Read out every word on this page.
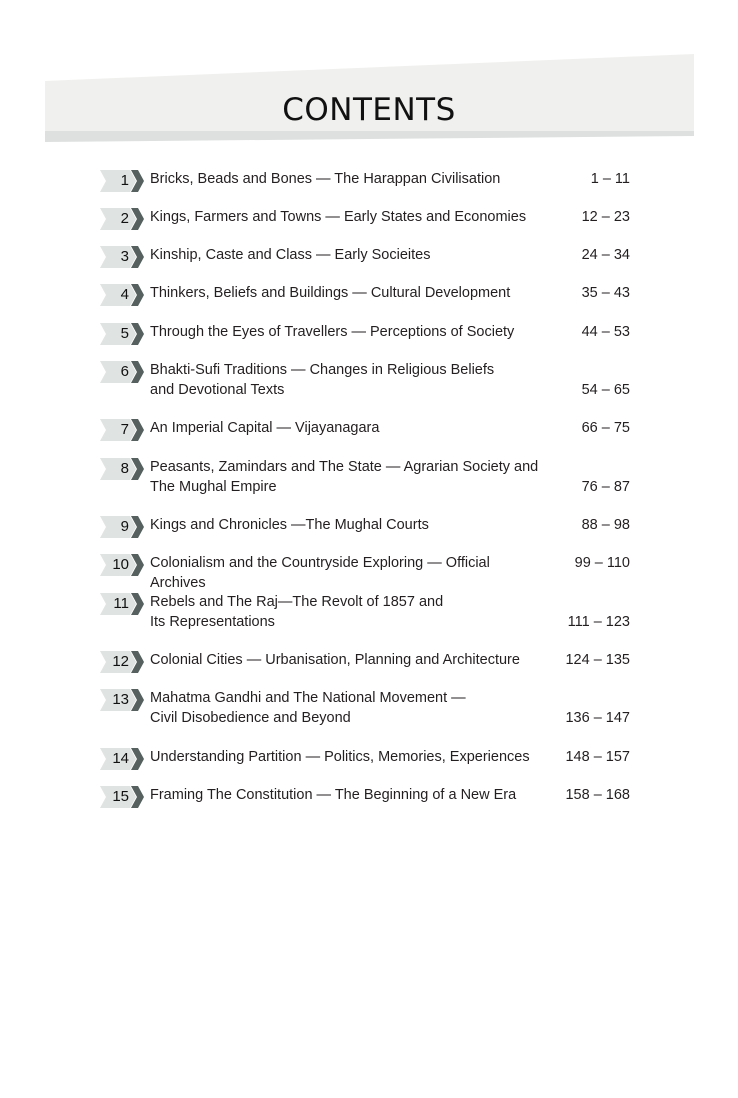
CONTENTS
1 Bricks, Beads and Bones — The Harappan Civilisation	1 – 11
2 Kings, Farmers and Towns — Early States and Economies	12 – 23
3 Kinship, Caste and Class — Early Socieites	24 – 34
4 Thinkers, Beliefs and Buildings — Cultural Development	35 – 43
5 Through the Eyes of Travellers — Perceptions of Society	44 – 53
6 Bhakti-Sufi Traditions — Changes in Religious Beliefs
and Devotional Texts	54 – 65
7 An Imperial Capital — Vijayanagara	66 – 75
8 Peasants, Zamindars and The State — Agrarian Society and
The Mughal Empire	76 – 87
9 Kings and Chronicles —The Mughal Courts	88 – 98
10 Colonialism and the Countryside Exploring — Official Archives
99 – 110
11 Rebels and The Raj—The Revolt of 1857 and
Its Representations	111 – 123
12 Colonial Cities — Urbanisation, Planning and Architecture	124 – 135
13 Mahatma Gandhi and The National Movement —
Civil Disobedience and Beyond	136 – 147
14 Understanding Partition — Politics, Memories, Experiences	148 – 157
15 Framing The Constitution — The Beginning of a New Era	158 – 168
